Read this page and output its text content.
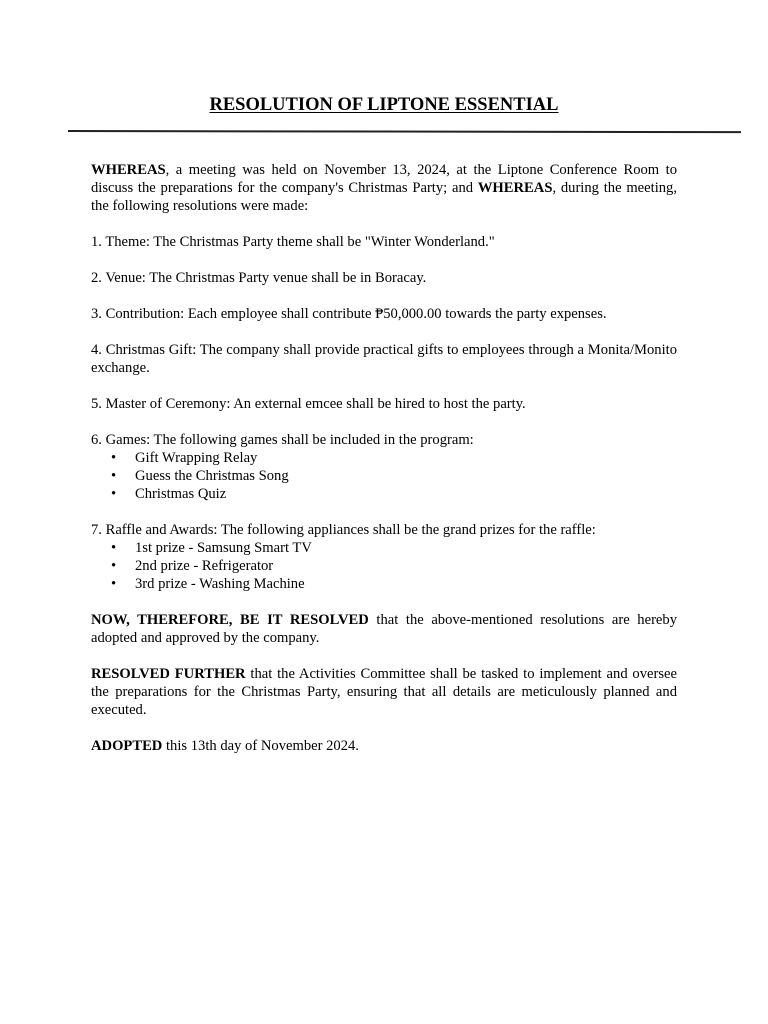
RESOLUTION OF LIPTONE ESSENTIAL

WHEREAS, a meeting was held on November 13, 2024, at the Liptone Conference Room to discuss the preparations for the company's Christmas Party; and WHEREAS, during the meeting, the following resolutions were made:

1. Theme: The Christmas Party theme shall be "Winter Wonderland."

2. Venue: The Christmas Party venue shall be in Boracay.

3. Contribution: Each employee shall contribute ₱50,000.00 towards the party expenses.

4. Christmas Gift: The company shall provide practical gifts to employees through a Monita/Monito exchange.

5. Master of Ceremony: An external emcee shall be hired to host the party.

6. Games: The following games shall be included in the program:

• Gift Wrapping Relay
• Guess the Christmas Song
• Christmas Quiz

7. Raffle and Awards: The following appliances shall be the grand prizes for the raffle:

• 1st prize - Samsung Smart TV
• 2nd prize - Refrigerator
• 3rd prize - Washing Machine

NOW, THEREFORE, BE IT RESOLVED that the above-mentioned resolutions are hereby adopted and approved by the company.

RESOLVED FURTHER that the Activities Committee shall be tasked to implement and oversee the preparations for the Christmas Party, ensuring that all details are meticulously planned and executed.

ADOPTED this 13th day of November 2024.
